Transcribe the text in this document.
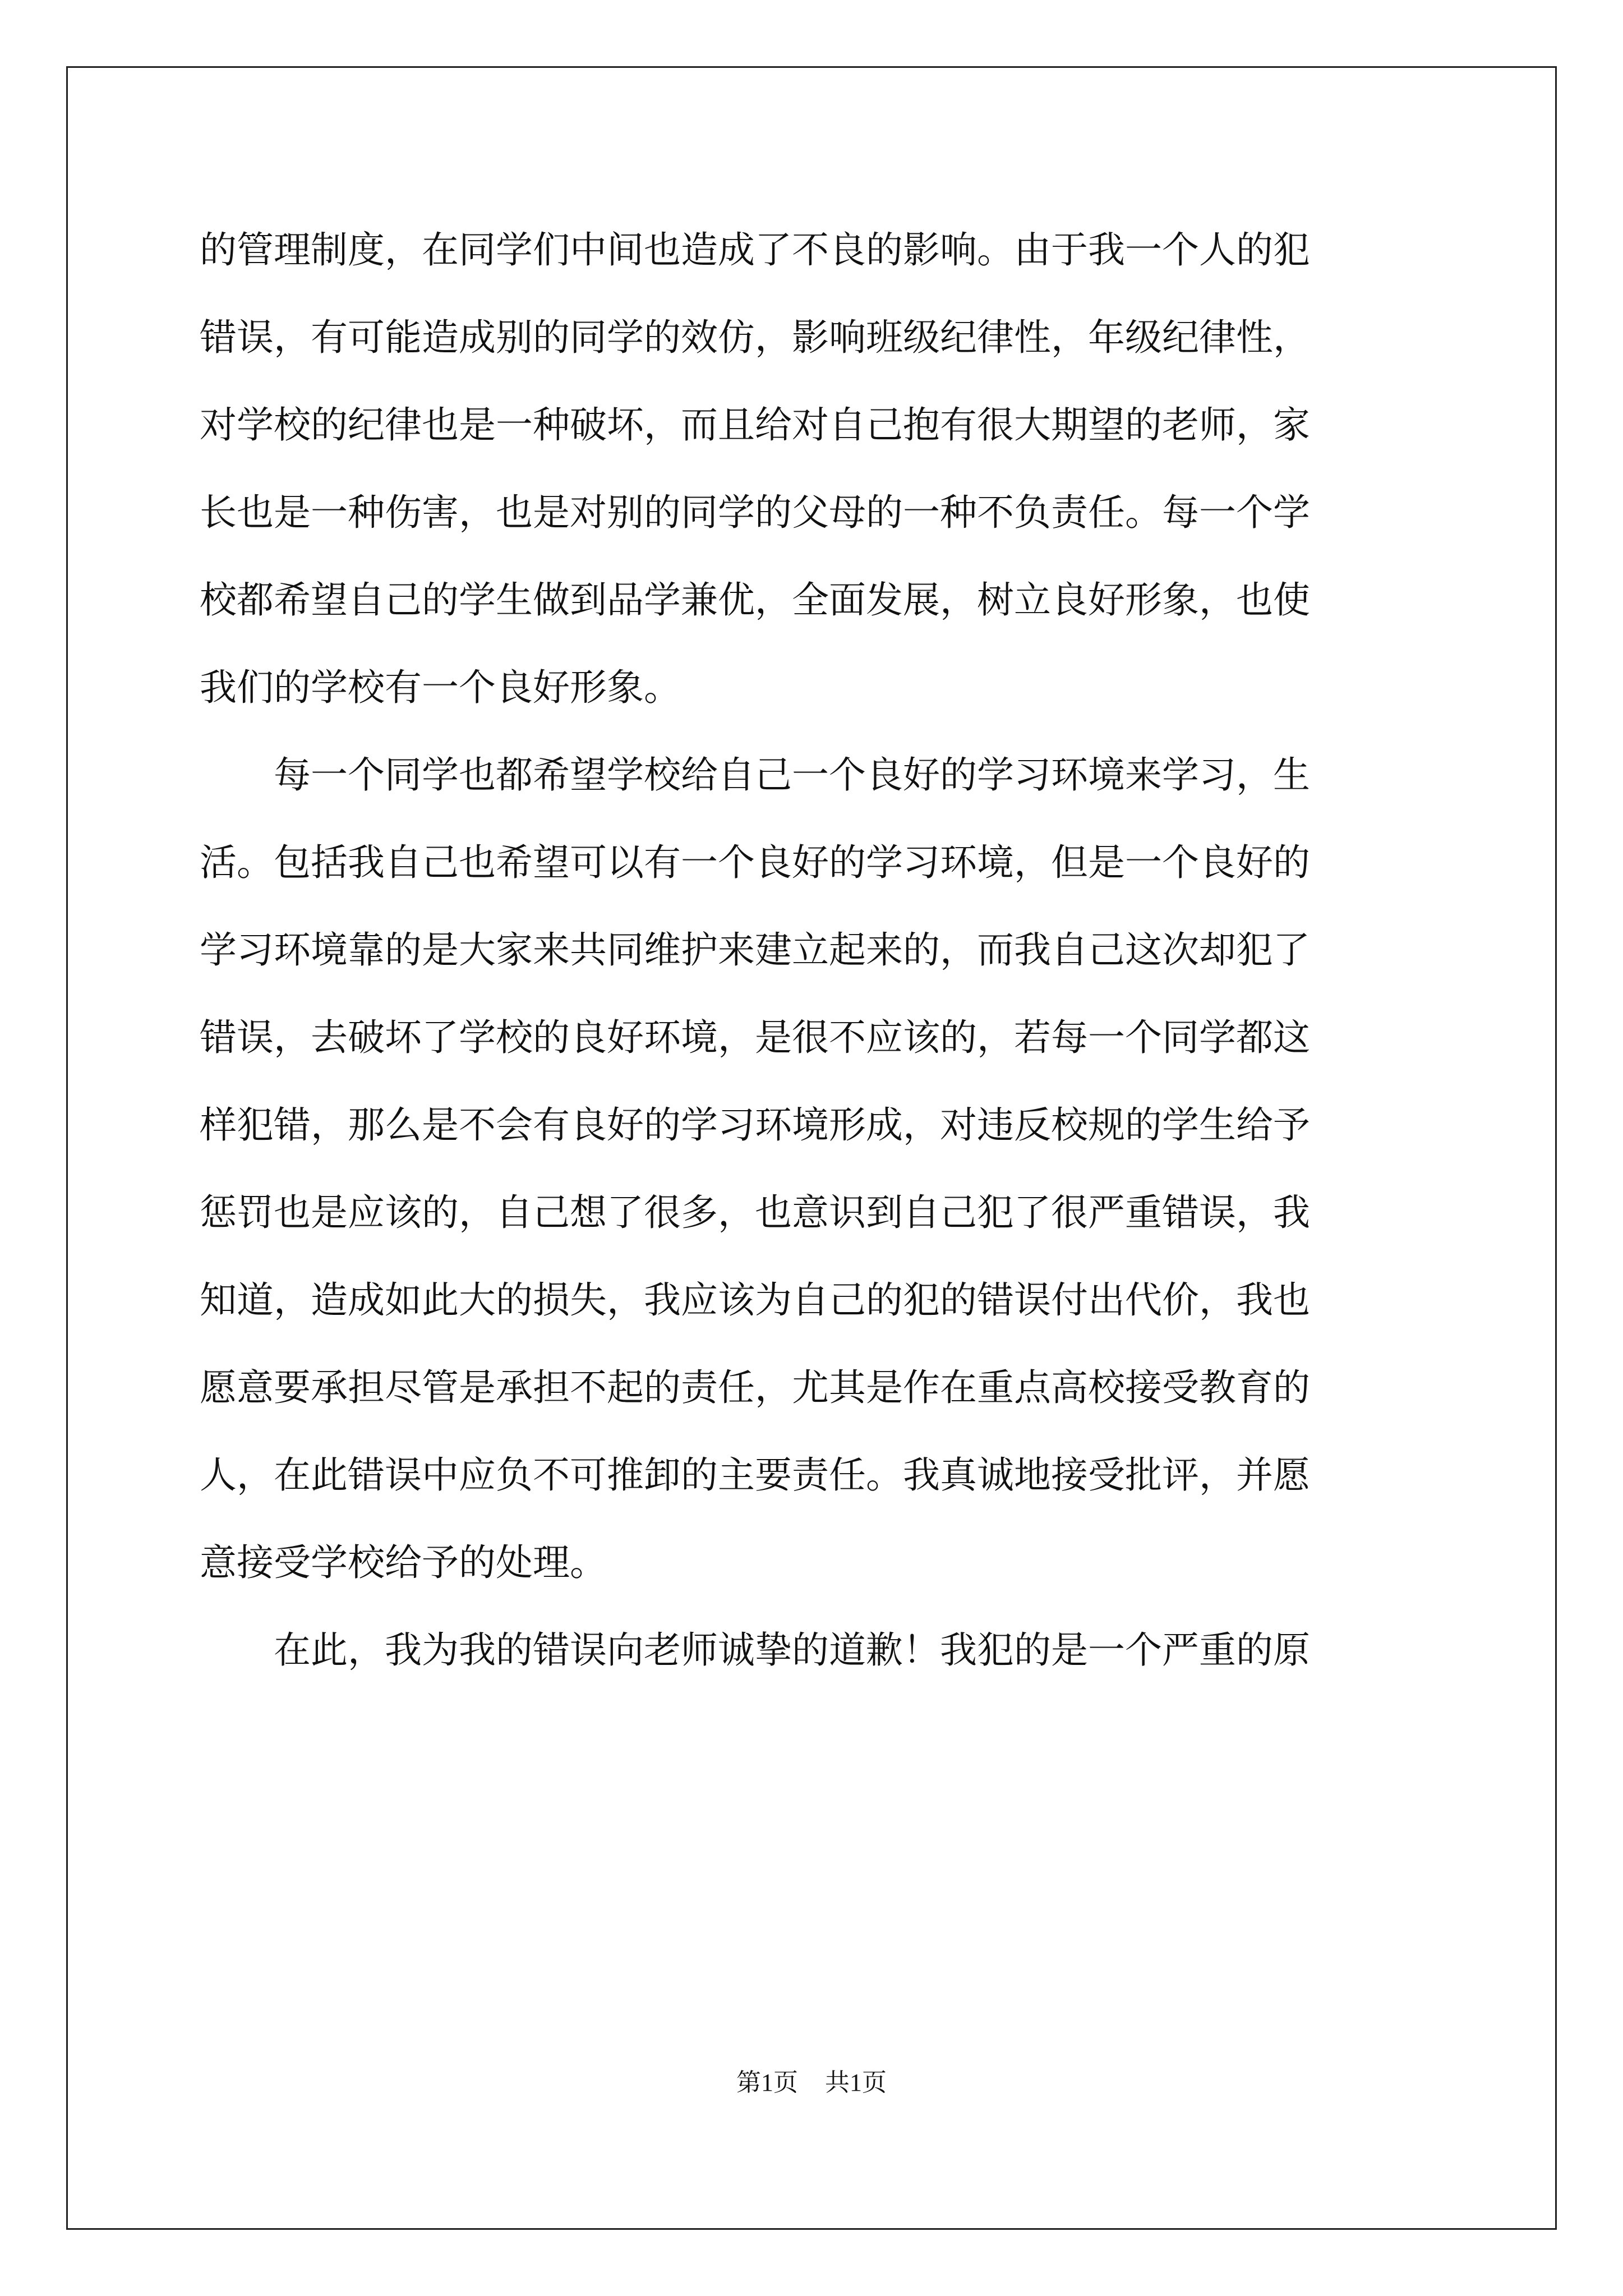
的管理制度，在同学们中间也造成了不良的影响。由于我一个人的犯
错误，有可能造成别的同学的效仿，影响班级纪律性，年级纪律性，
对学校的纪律也是一种破坏，而且给对自己抱有很大期望的老师，家
长也是一种伤害，也是对别的同学的父母的一种不负责任。每一个学
校都希望自己的学生做到品学兼优，全面发展，树立良好形象，也使
我们的学校有一个良好形象。
　　每一个同学也都希望学校给自己一个良好的学习环境来学习，生
活。包括我自己也希望可以有一个良好的学习环境，但是一个良好的
学习环境靠的是大家来共同维护来建立起来的，而我自己这次却犯了
错误，去破坏了学校的良好环境，是很不应该的，若每一个同学都这
样犯错，那么是不会有良好的学习环境形成，对违反校规的学生给予
惩罚也是应该的，自己想了很多，也意识到自己犯了很严重错误，我
知道，造成如此大的损失，我应该为自己的犯的错误付出代价，我也
愿意要承担尽管是承担不起的责任，尤其是作在重点高校接受教育的
人，在此错误中应负不可推卸的主要责任。我真诚地接受批评，并愿
意接受学校给予的处理。
　　在此，我为我的错误向老师诚挚的道歉！我犯的是一个严重的原
第1页 共1页
